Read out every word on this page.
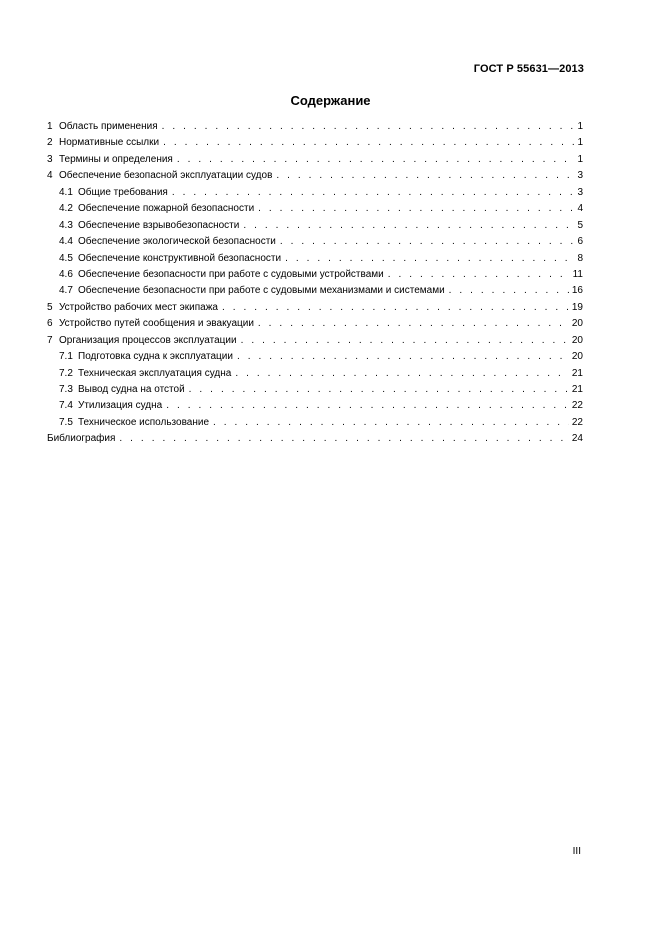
ГОСТ Р 55631—2013
Содержание
1 Область применения . . .	1
2 Нормативные ссылки . . .	1
3 Термины и определения . . .	1
4 Обеспечение безопасной эксплуатации судов . . .	3
4.1 Общие требования . . .	3
4.2 Обеспечение пожарной безопасности . . .	4
4.3 Обеспечение взрывобезопасности . . .	5
4.4 Обеспечение экологической безопасности . . .	6
4.5 Обеспечение конструктивной безопасности . . .	8
4.6 Обеспечение безопасности при работе с судовыми устройствами . . .	11
4.7 Обеспечение безопасности при работе с судовыми механизмами и системами . . .	16
5 Устройство рабочих мест экипажа . . .	19
6 Устройство путей сообщения и эвакуации . . .	20
7 Организация процессов эксплуатации . . .	20
7.1 Подготовка судна к эксплуатации . . .	20
7.2 Техническая эксплуатация судна . . .	21
7.3 Вывод судна на отстой . . .	21
7.4 Утилизация судна . . .	22
7.5 Техническое использование . . .	22
Библиография . . .	24
III
